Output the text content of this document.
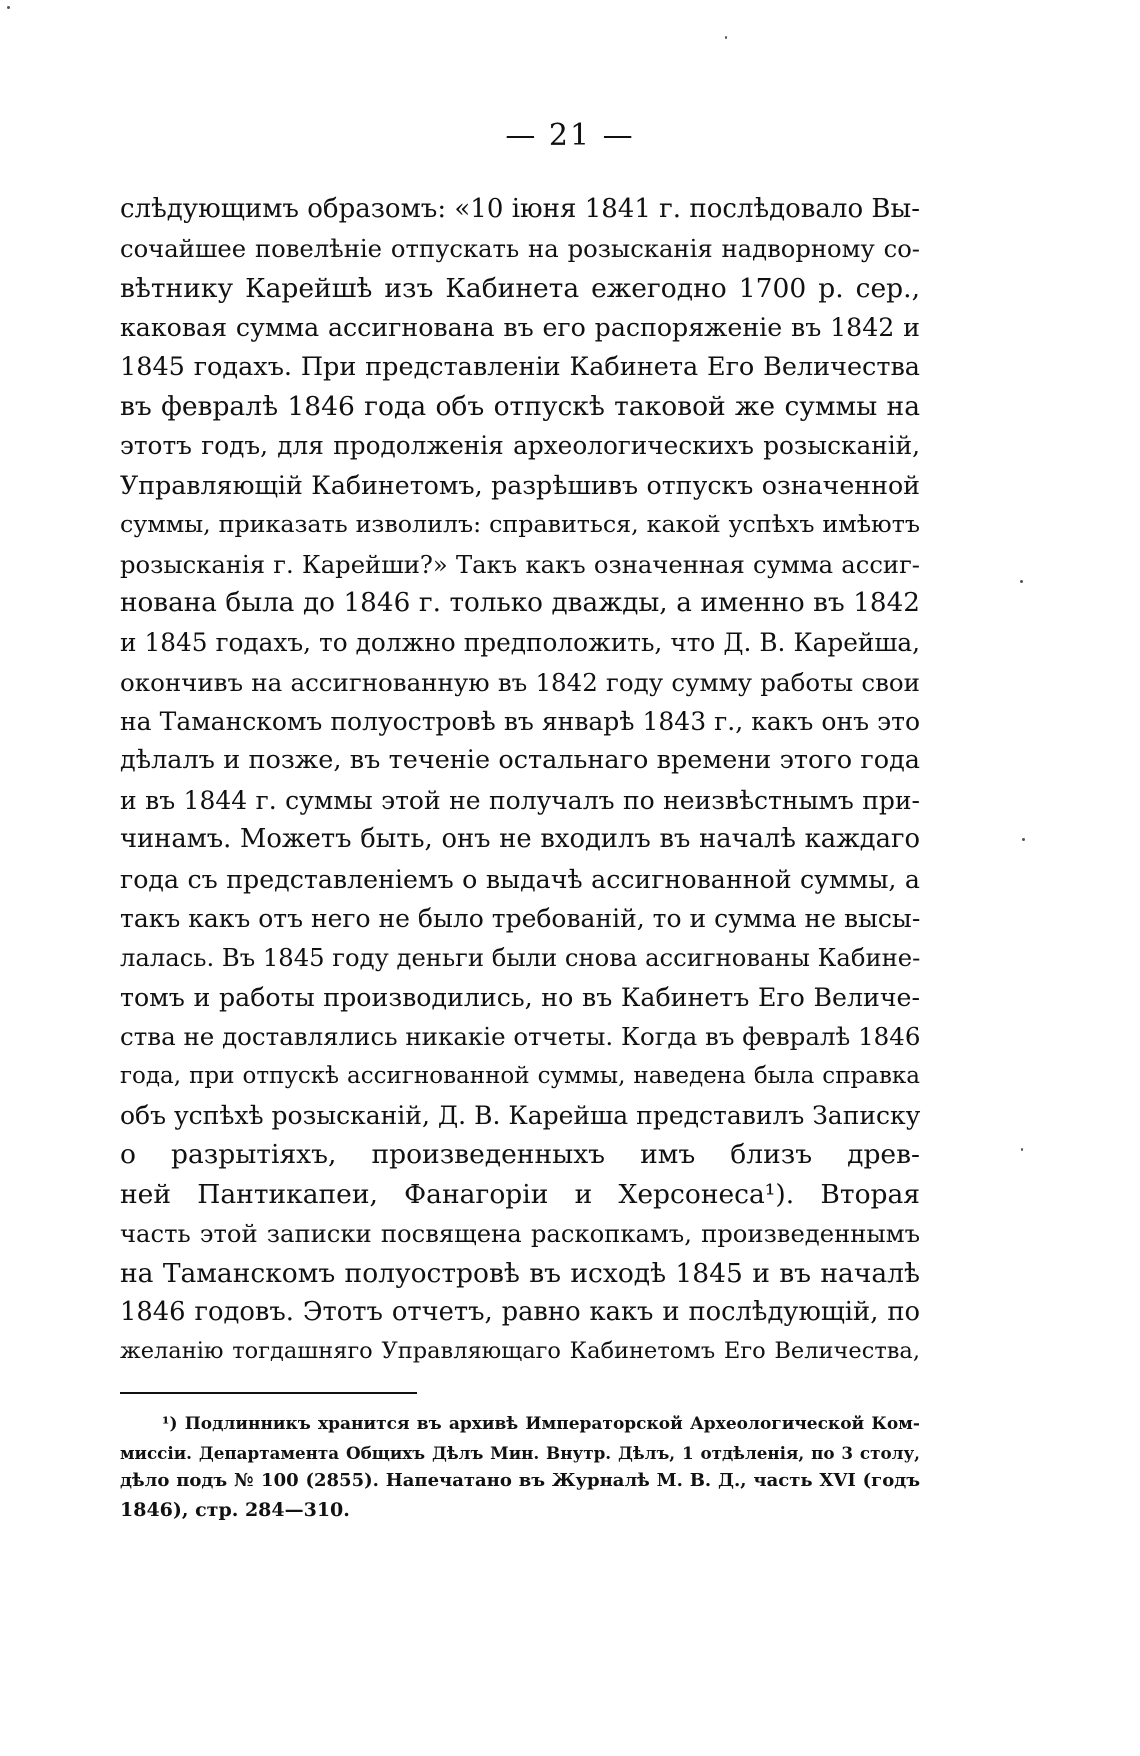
— 21 —
слѣдующимъ образомъ: «10 іюня 1841 г. послѣдовало Вы-
сочайшее повелѣніе отпускать на розысканія надворному со-
вѣтнику Карейшѣ изъ Кабинета ежегодно 1700 р. сер.,
каковая сумма ассигнована въ его распоряженіе въ 1842 и
1845 годахъ. При представленіи Кабинета Его Величества
въ февралѣ 1846 года объ отпускѣ таковой же суммы на
этотъ годъ, для продолженія археологическихъ розысканій,
Управляющій Кабинетомъ, разрѣшивъ отпускъ означенной
суммы, приказать изволилъ: справиться, какой успѣхъ имѣютъ
розысканія г. Карейши?» Такъ какъ означенная сумма ассиг-
нована была до 1846 г. только дважды, а именно въ 1842
и 1845 годахъ, то должно предположить, что Д. В. Карейша,
окончивъ на ассигнованную въ 1842 году сумму работы свои
на Таманскомъ полуостровѣ въ январѣ 1843 г., какъ онъ это
дѣлалъ и позже, въ теченіе остальнаго времени этого года
и въ 1844 г. суммы этой не получалъ по неизвѣстнымъ при-
чинамъ. Можетъ быть, онъ не входилъ въ началѣ каждаго
года съ представленіемъ о выдачѣ ассигнованной суммы, а
такъ какъ отъ него не было требованій, то и сумма не высы-
лалась. Въ 1845 году деньги были снова ассигнованы Кабине-
томъ и работы производились, но въ Кабинетъ Его Величе-
ства не доставлялись никакіе отчеты. Когда въ февралѣ 1846
года, при отпускѣ ассигнованной суммы, наведена была справка
объ успѣхѣ розысканій, Д. В. Карейша представилъ Записку
о разрытіяхъ, произведенныхъ имъ близъ древ-
ней Пантикапеи, Фанагоріи и Херсонеса¹). Вторая
часть этой записки посвящена раскопкамъ, произведеннымъ
на Таманскомъ полуостровѣ въ исходѣ 1845 и въ началѣ
1846 годовъ. Этотъ отчетъ, равно какъ и послѣдующій, по
желанію тогдашняго Управляющаго Кабинетомъ Его Величества,
¹) Подлинникъ хранится въ архивѣ Императорской Археологической Ком-
миссіи. Департамента Общихъ Дѣлъ Мин. Внутр. Дѣлъ, 1 отдѣленія, по 3 столу,
дѣло подъ № 100 (2855). Напечатано въ Журналѣ М. В. Д., часть XVI (годъ
1846), стр. 284—310.
